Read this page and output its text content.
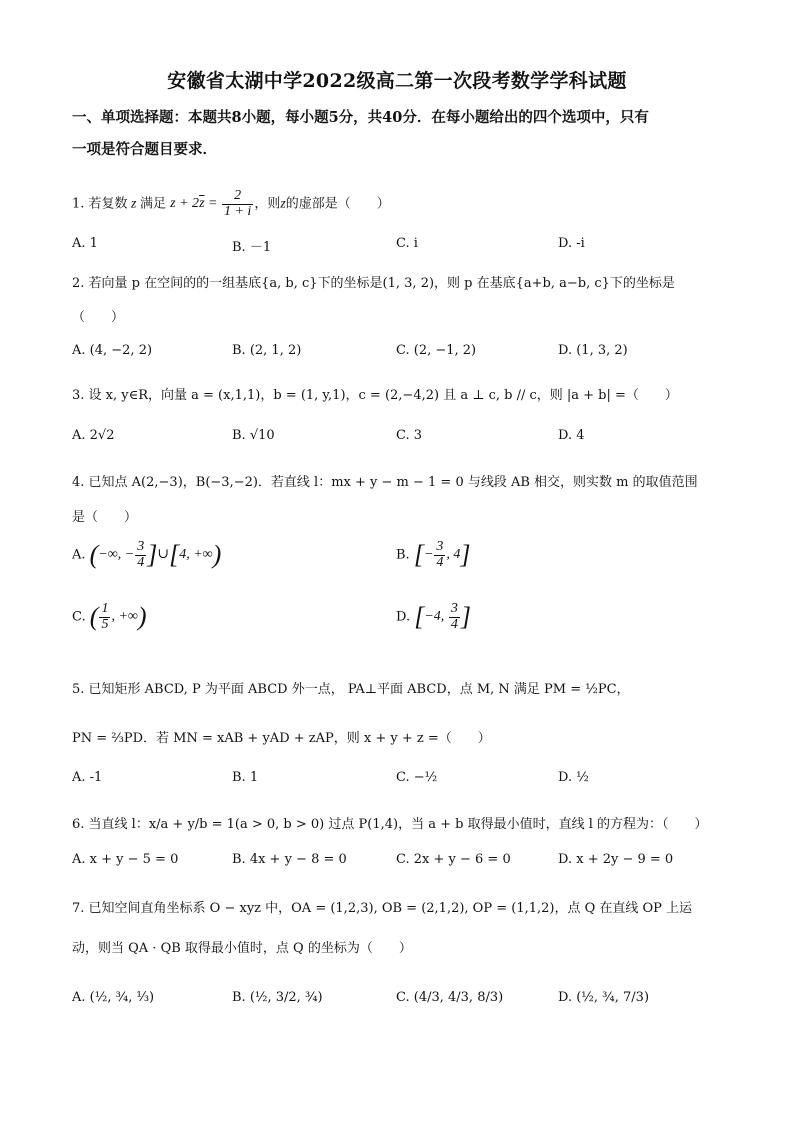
安徽省太湖中学2022级高二第一次段考数学学科试题
一、单项选择题：本题共8小题，每小题5分，共40分．在每小题给出的四个选项中，只有
一项是符合题目要求．
1. 若复数 z 满足 $z + 2\overline{z} = \frac{2}{1 + i}$ ，则z的虚部是（　　）
A. 1	B. －1	C. i	D. -i
2. 若向量 p 在空间的的一组基底{a, b, c}下的坐标是(1, 3, 2)，则 p 在基底{a+b, a−b, c}下的坐标是
（　　）
A. (4, −2, 2)	B. (2, 1, 2)	C. (2, −1, 2)	D. (1, 3, 2)
3. 设 x, y∈R，向量 a = (x,1,1)，b = (1, y,1)，c = (2,−4,2) 且 a ⊥ c, b // c，则 |a + b| =（　　）
A. 2√2	B. √10	C. 3	D. 4
4. 已知点 A(2,−3)，B(−3,−2)．若直线 l：mx + y − m − 1 = 0 与线段 AB 相交，则实数 m 的取值范围
是（　　）
A. (−∞, − $\frac{3}{4}$ ]∪[4, +∞)	B. [− $\frac{3}{4}$ , 4]
C. ( $\frac{1}{5}$ , +∞)	D. [−4, $\frac{3}{4}$ ]
5. 已知矩形 ABCD, P 为平面 ABCD 外一点， PA⊥平面 ABCD，点 M, N 满足 PM = ½PC，
PN = ⅔PD．若 MN = xAB + yAD + zAP，则 x + y + z =（　　）
A. -1	B. 1	C. −½	D. ½
6. 当直线 l：x/a + y/b = 1(a > 0, b > 0) 过点 P(1,4)，当 a + b 取得最小值时，直线 l 的方程为：（　　）
A. x + y − 5 = 0	B. 4x + y − 8 = 0	C. 2x + y − 6 = 0	D. x + 2y − 9 = 0
7. 已知空间直角坐标系 O − xyz 中，OA = (1,2,3), OB = (2,1,2), OP = (1,1,2)，点 Q 在直线 OP 上运
动，则当 QA · QB 取得最小值时，点 Q 的坐标为（　　）
A. (½, ¾, ⅓)	B. (½, 3/2, ¾)	C. (4/3, 4/3, 8/3)	D. (½, ¾, 7/3)
